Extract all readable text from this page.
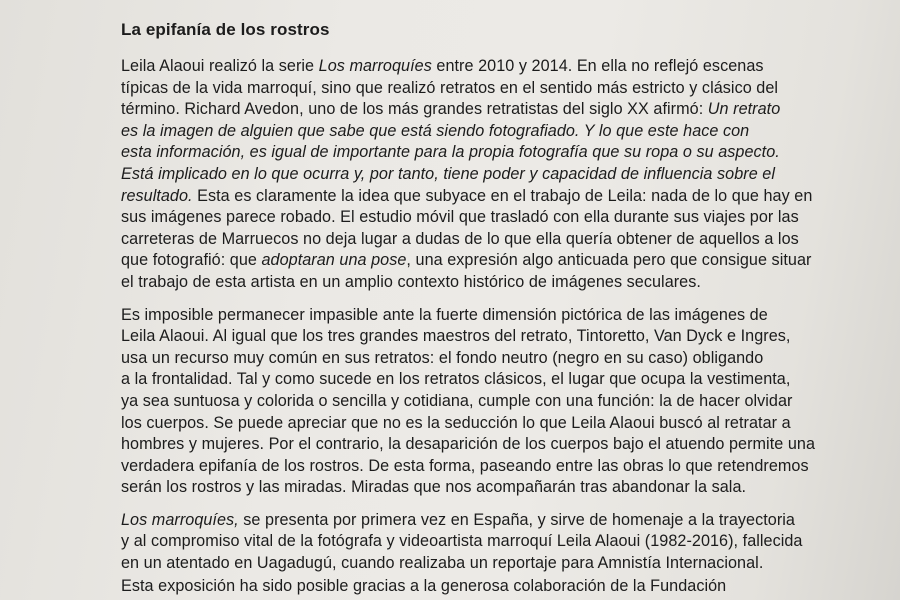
La epifanía de los rostros

Leila Alaoui realizó la serie Los marroquíes entre 2010 y 2014. En ella no reflejó escenas
típicas de la vida marroquí, sino que realizó retratos en el sentido más estricto y clásico del
término. Richard Avedon, uno de los más grandes retratistas del siglo XX afirmó: Un retrato
es la imagen de alguien que sabe que está siendo fotografiado. Y lo que este hace con
esta información, es igual de importante para la propia fotografía que su ropa o su aspecto.
Está implicado en lo que ocurra y, por tanto, tiene poder y capacidad de influencia sobre el
resultado. Esta es claramente la idea que subyace en el trabajo de Leila: nada de lo que hay en
sus imágenes parece robado. El estudio móvil que trasladó con ella durante sus viajes por las
carreteras de Marruecos no deja lugar a dudas de lo que ella quería obtener de aquellos a los
que fotografió: que adoptaran una pose, una expresión algo anticuada pero que consigue situar
el trabajo de esta artista en un amplio contexto histórico de imágenes seculares.

Es imposible permanecer impasible ante la fuerte dimensión pictórica de las imágenes de
Leila Alaoui. Al igual que los tres grandes maestros del retrato, Tintoretto, Van Dyck e Ingres,
usa un recurso muy común en sus retratos: el fondo neutro (negro en su caso) obligando
a la frontalidad. Tal y como sucede en los retratos clásicos, el lugar que ocupa la vestimenta,
ya sea suntuosa y colorida o sencilla y cotidiana, cumple con una función: la de hacer olvidar
los cuerpos. Se puede apreciar que no es la seducción lo que Leila Alaoui buscó al retratar a
hombres y mujeres. Por el contrario, la desaparición de los cuerpos bajo el atuendo permite una
verdadera epifanía de los rostros. De esta forma, paseando entre las obras lo que retendremos
serán los rostros y las miradas. Miradas que nos acompañarán tras abandonar la sala.

Los marroquíes, se presenta por primera vez en España, y sirve de homenaje a la trayectoria
y al compromiso vital de la fotógrafa y videoartista marroquí Leila Alaoui (1982-2016), fallecida
en un atentado en Uagadugú, cuando realizaba un reportaje para Amnistía Internacional.
Esta exposición ha sido posible gracias a la generosa colaboración de la Fundación
